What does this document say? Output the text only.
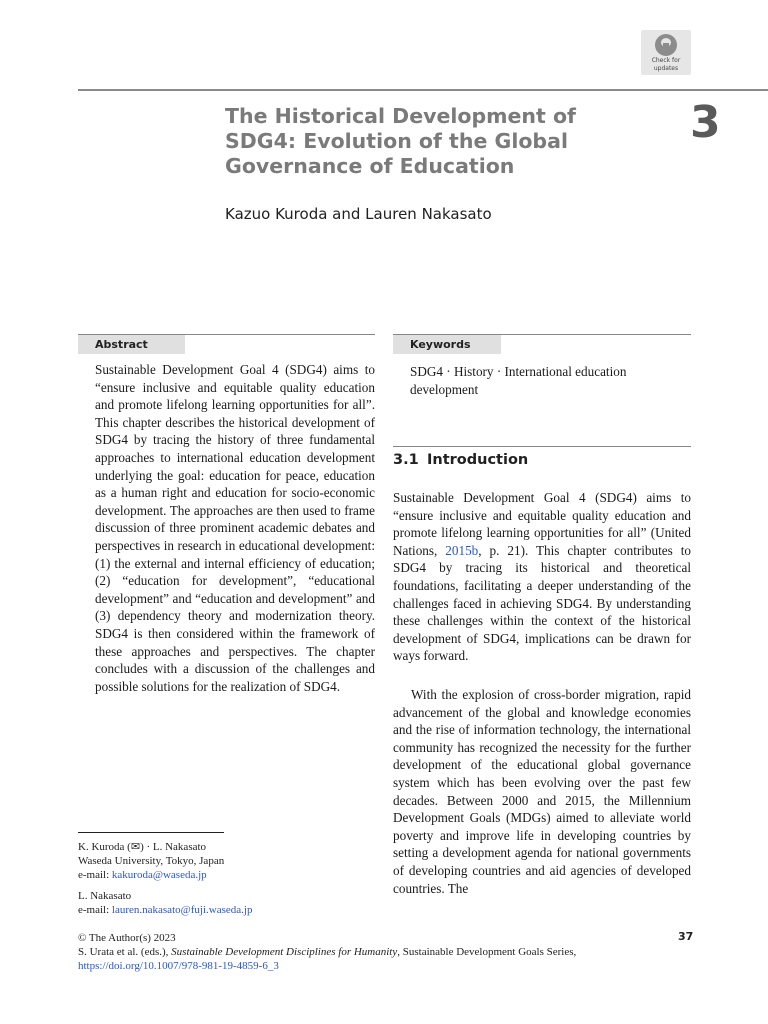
Check for
updates
The Historical Development of SDG4: Evolution of the Global Governance of Education
3
Kazuo Kuroda and Lauren Nakasato
Abstract
Sustainable Development Goal 4 (SDG4) aims to “ensure inclusive and equitable quality education and promote lifelong learning opportunities for all”. This chapter describes the historical development of SDG4 by tracing the history of three fundamental approaches to international education development underlying the goal: education for peace, education as a human right and education for socio-economic development. The approaches are then used to frame discussion of three prominent academic debates and perspectives in research in educational development: (1) the external and internal efficiency of education; (2) “education for development”, “educational development” and “education and development” and (3) dependency theory and modernization theory. SDG4 is then considered within the framework of these approaches and perspectives. The chapter concludes with a discussion of the challenges and possible solutions for the realization of SDG4.
Keywords
SDG4 · History · International education development
3.1 Introduction
Sustainable Development Goal 4 (SDG4) aims to “ensure inclusive and equitable quality education and promote lifelong learning opportunities for all” (United Nations, 2015b, p. 21). This chapter contributes to SDG4 by tracing its historical and theoretical foundations, facilitating a deeper understanding of the challenges faced in achieving SDG4. By understanding these challenges within the context of the historical development of SDG4, implications can be drawn for ways forward.
With the explosion of cross-border migration, rapid advancement of the global and knowledge economies and the rise of information technology, the international community has recognized the necessity for the further development of the educational global governance system which has been evolving over the past few decades. Between 2000 and 2015, the Millennium Development Goals (MDGs) aimed to alleviate world poverty and improve life in developing countries by setting a development agenda for national governments of developing countries and aid agencies of developed countries. The
K. Kuroda (✉) · L. Nakasato
Waseda University, Tokyo, Japan
e-mail: kakuroda@waseda.jp
L. Nakasato
e-mail: lauren.nakasato@fuji.waseda.jp
© The Author(s) 2023
S. Urata et al. (eds.), Sustainable Development Disciplines for Humanity, Sustainable Development Goals Series,
https://doi.org/10.1007/978-981-19-4859-6_3
37
